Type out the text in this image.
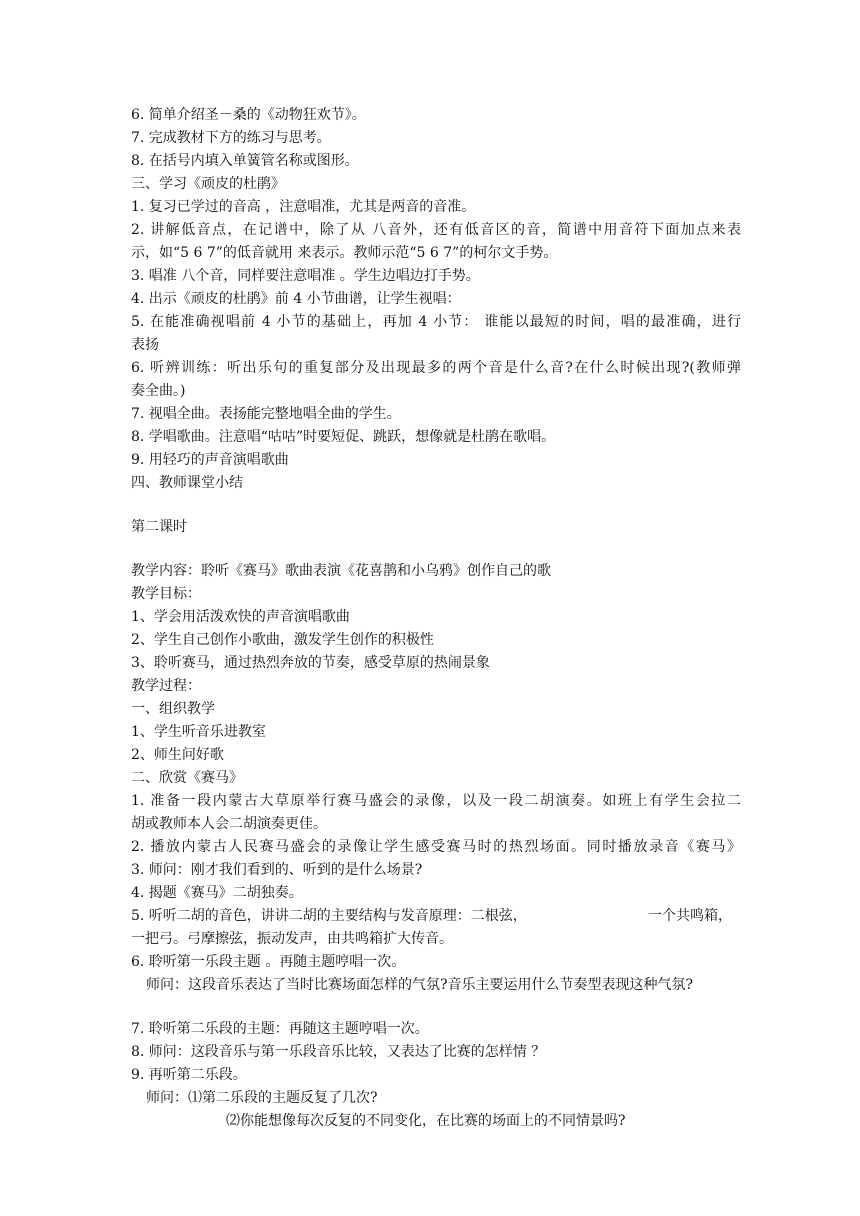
6. 简单介绍圣－桑的《动物狂欢节》。
7. 完成教材下方的练习与思考。
8. 在括号内填入单簧管名称或图形。
三、学习《顽皮的杜鹃》
1. 复习已学过的音高 ，注意唱准，尤其是两音的音准。
2. 讲解低音点，在记谱中，除了从 八音外，还有低音区的音，简谱中用音符下面加点来表
示，如“5 6 7”的低音就用 来表示。教师示范“5 6 7”的柯尔文手势。
3. 唱准 八个音，同样要注意唱准 。学生边唱边打手势。
4. 出示《顽皮的杜鹃》前 4 小节曲谱，让学生视唱：
5. 在能准确视唱前 4 小节的基础上，再加 4 小节： 谁能以最短的时间，唱的最准确，进行
表扬
6. 听辨训练：听出乐句的重复部分及出现最多的两个音是什么音?在什么时候出现?(教师弹
奏全曲。)
7. 视唱全曲。表扬能完整地唱全曲的学生。
8. 学唱歌曲。注意唱“咕咕”时要短促、跳跃，想像就是杜鹃在歌唱。
9. 用轻巧的声音演唱歌曲
四、教师课堂小结
第二课时
教学内容：聆听《赛马》歌曲表演《花喜鹊和小乌鸦》创作自己的歌
教学目标：
1、学会用活泼欢快的声音演唱歌曲
2、学生自己创作小歌曲，激发学生创作的积极性
3、聆听赛马，通过热烈奔放的节奏，感受草原的热闹景象
教学过程：
一、组织教学
1、学生听音乐进教室
2、师生问好歌
二、欣赏《赛马》
1. 准备一段内蒙古大草原举行赛马盛会的录像，以及一段二胡演奏。如班上有学生会拉二
胡或教师本人会二胡演奏更佳。
2. 播放内蒙古人民赛马盛会的录像让学生感受赛马时的热烈场面。同时播放录音《赛马》
3. 师问：刚才我们看到的、听到的是什么场景?
4. 揭题《赛马》二胡独奏。
5. 听听二胡的音色，讲讲二胡的主要结构与发音原理：二根弦，	一个共鸣箱，
一把弓。弓摩擦弦，振动发声，由共鸣箱扩大传音。
6. 聆听第一乐段主题 。再随主题哼唱一次。
师问：这段音乐表达了当时比赛场面怎样的气氛?音乐主要运用什么节奏型表现这种气氛?
7. 聆听第二乐段的主题：再随这主题哼唱一次。
8. 师问：这段音乐与第一乐段音乐比较，又表达了比赛的怎样情 ？
9. 再听第二乐段。
师问：⑴第二乐段的主题反复了几次?
⑵你能想像每次反复的不同变化，在比赛的场面上的不同情景吗?
